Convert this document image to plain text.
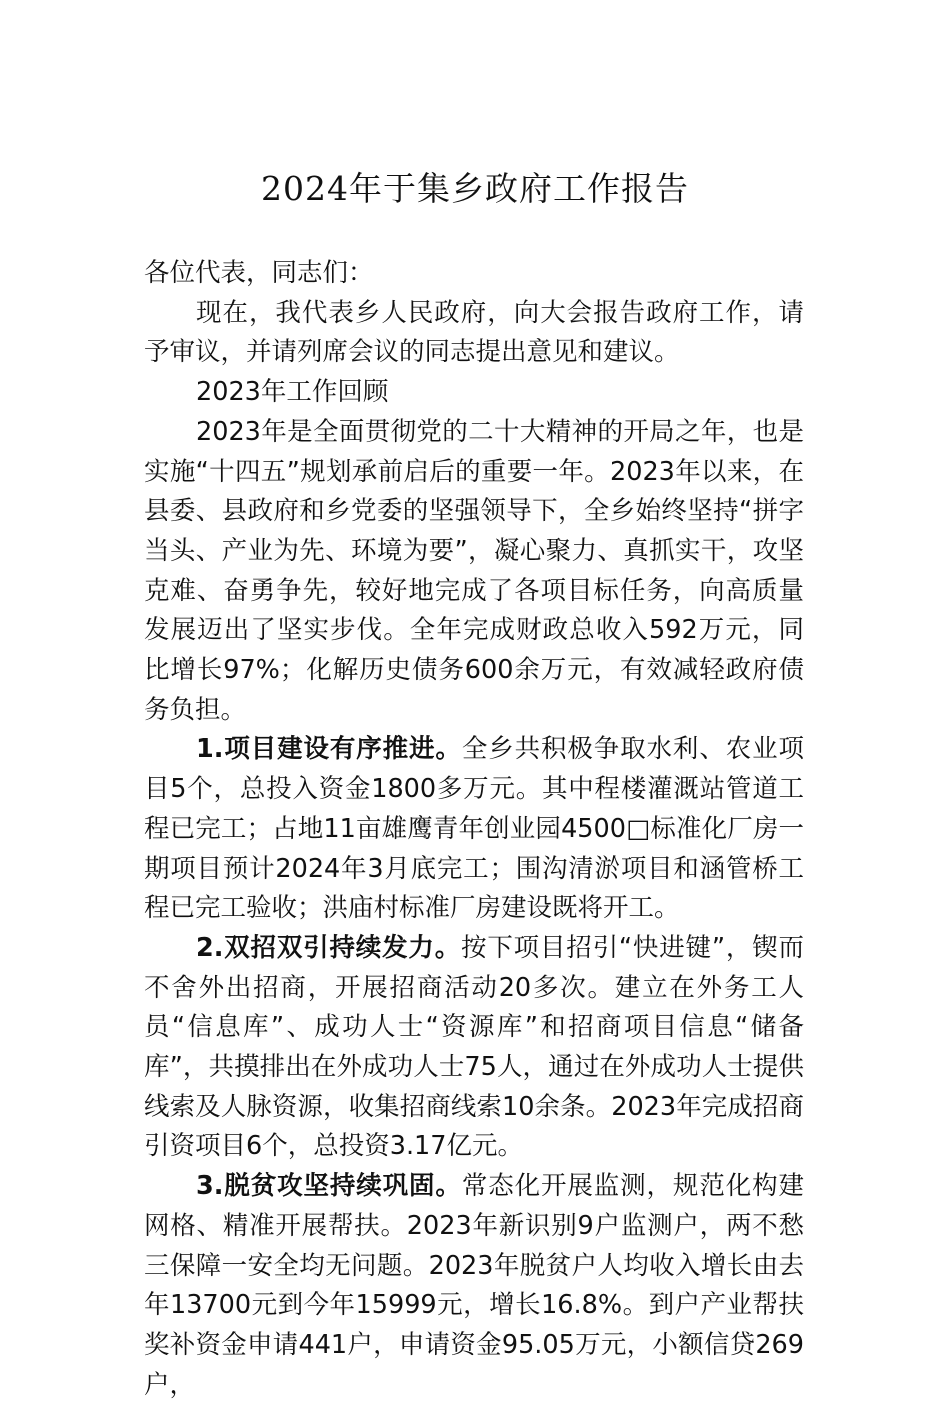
2024年于集乡政府工作报告

各位代表，同志们：

现在，我代表乡人民政府，向大会报告政府工作，请予审议，并请列席会议的同志提出意见和建议。

2023年工作回顾

2023年是全面贯彻党的二十大精神的开局之年，也是实施“十四五”规划承前启后的重要一年。2023年以来，在县委、县政府和乡党委的坚强领导下，全乡始终坚持“拼字当头、产业为先、环境为要”，凝心聚力、真抓实干，攻坚克难、奋勇争先，较好地完成了各项目标任务，向高质量发展迈出了坚实步伐。全年完成财政总收入592万元，同比增长97%；化解历史债务600余万元，有效减轻政府债务负担。

1.项目建设有序推进。全乡共积极争取水利、农业项目5个，总投入资金1800多万元。其中程楼灌溉站管道工程已完工；占地11亩雄鹰青年创业园4500□标准化厂房一期项目预计2024年3月底完工；围沟清淤项目和涵管桥工程已完工验收；洪庙村标准厂房建设既将开工。

2.双招双引持续发力。按下项目招引“快进键”，锲而不舍外出招商，开展招商活动20多次。建立在外务工人员“信息库”、成功人士“资源库”和招商项目信息“储备库”，共摸排出在外成功人士75人，通过在外成功人士提供线索及人脉资源，收集招商线索10余条。2023年完成招商引资项目6个，总投资3.17亿元。

3.脱贫攻坚持续巩固。常态化开展监测，规范化构建网格、精准开展帮扶。2023年新识别9户监测户，两不愁三保障一安全均无问题。2023年脱贫户人均收入增长由去年13700元到今年15999元，增长16.8%。到户产业帮扶奖补资金申请441户，申请资金95.05万元，小额信贷269户，
